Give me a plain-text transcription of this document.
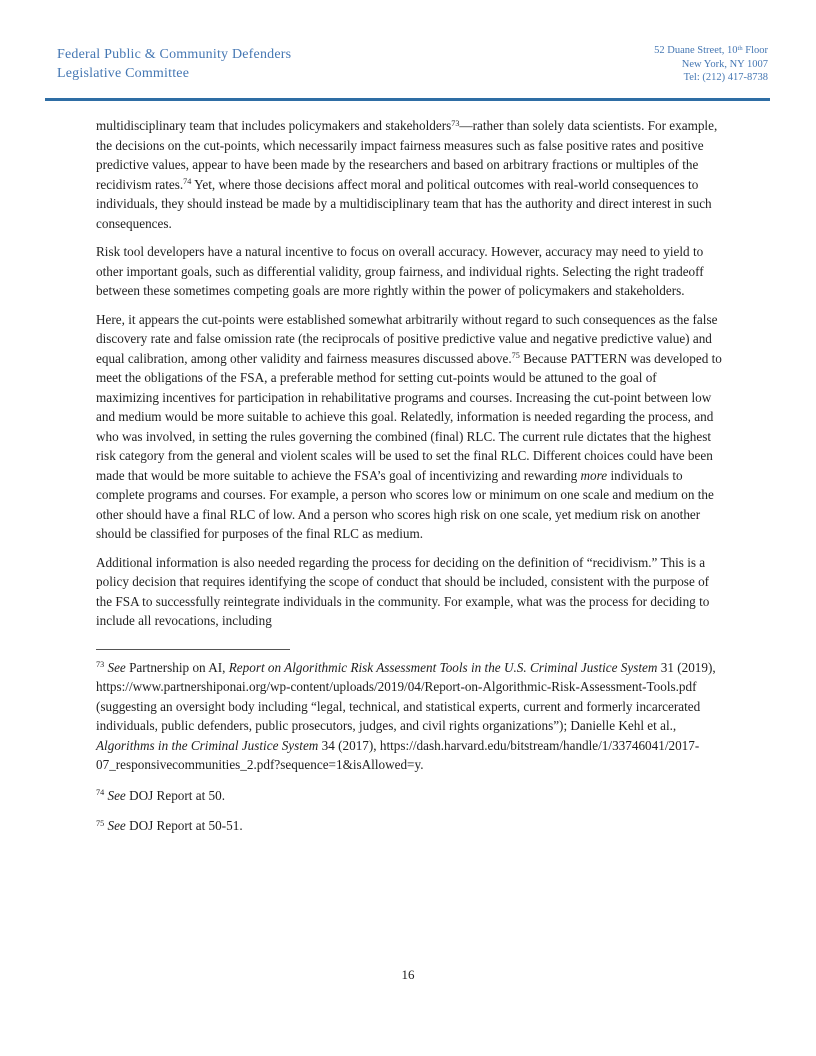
Federal Public & Community Defenders
Legislative Committee
52 Duane Street, 10th Floor
New York, NY 1007
Tel: (212) 417-8738

multidisciplinary team that includes policymakers and stakeholders$^{73}$—rather than solely data scientists. For example, the decisions on the cut-points, which necessarily impact fairness measures such as false positive rates and positive predictive values, appear to have been made by the researchers and based on arbitrary fractions or multiples of the recidivism rates.$^{74}$ Yet, where those decisions affect moral and political outcomes with real-world consequences to individuals, they should instead be made by a multidisciplinary team that has the authority and direct interest in such consequences.

Risk tool developers have a natural incentive to focus on overall accuracy. However, accuracy may need to yield to other important goals, such as differential validity, group fairness, and individual rights. Selecting the right tradeoff between these sometimes competing goals are more rightly within the power of policymakers and stakeholders.

Here, it appears the cut-points were established somewhat arbitrarily without regard to such consequences as the false discovery rate and false omission rate (the reciprocals of positive predictive value and negative predictive value) and equal calibration, among other validity and fairness measures discussed above.$^{75}$ Because PATTERN was developed to meet the obligations of the FSA, a preferable method for setting cut-points would be attuned to the goal of maximizing incentives for participation in rehabilitative programs and courses. Increasing the cut-point between low and medium would be more suitable to achieve this goal. Relatedly, information is needed regarding the process, and who was involved, in setting the rules governing the combined (final) RLC. The current rule dictates that the highest risk category from the general and violent scales will be used to set the final RLC. Different choices could have been made that would be more suitable to achieve the FSA’s goal of incentivizing and rewarding more individuals to complete programs and courses. For example, a person who scores low or minimum on one scale and medium on the other should have a final RLC of low. And a person who scores high risk on one scale, yet medium risk on another should be classified for purposes of the final RLC as medium.

Additional information is also needed regarding the process for deciding on the definition of “recidivism.” This is a policy decision that requires identifying the scope of conduct that should be included, consistent with the purpose of the FSA to successfully reintegrate individuals in the community. For example, what was the process for deciding to include all revocations, including

$^{73}$ See Partnership on AI, Report on Algorithmic Risk Assessment Tools in the U.S. Criminal Justice System 31 (2019), https://www.partnershiponai.org/wp-content/uploads/2019/04/Report-on-Algorithmic-Risk-Assessment-Tools.pdf (suggesting an oversight body including “legal, technical, and statistical experts, current and formerly incarcerated individuals, public defenders, public prosecutors, judges, and civil rights organizations”); Danielle Kehl et al., Algorithms in the Criminal Justice System 34 (2017), https://dash.harvard.edu/bitstream/handle/1/33746041/2017-07_responsivecommunities_2.pdf?sequence=1&isAllowed=y.

$^{74}$ See DOJ Report at 50.

$^{75}$ See DOJ Report at 50-51.

16
